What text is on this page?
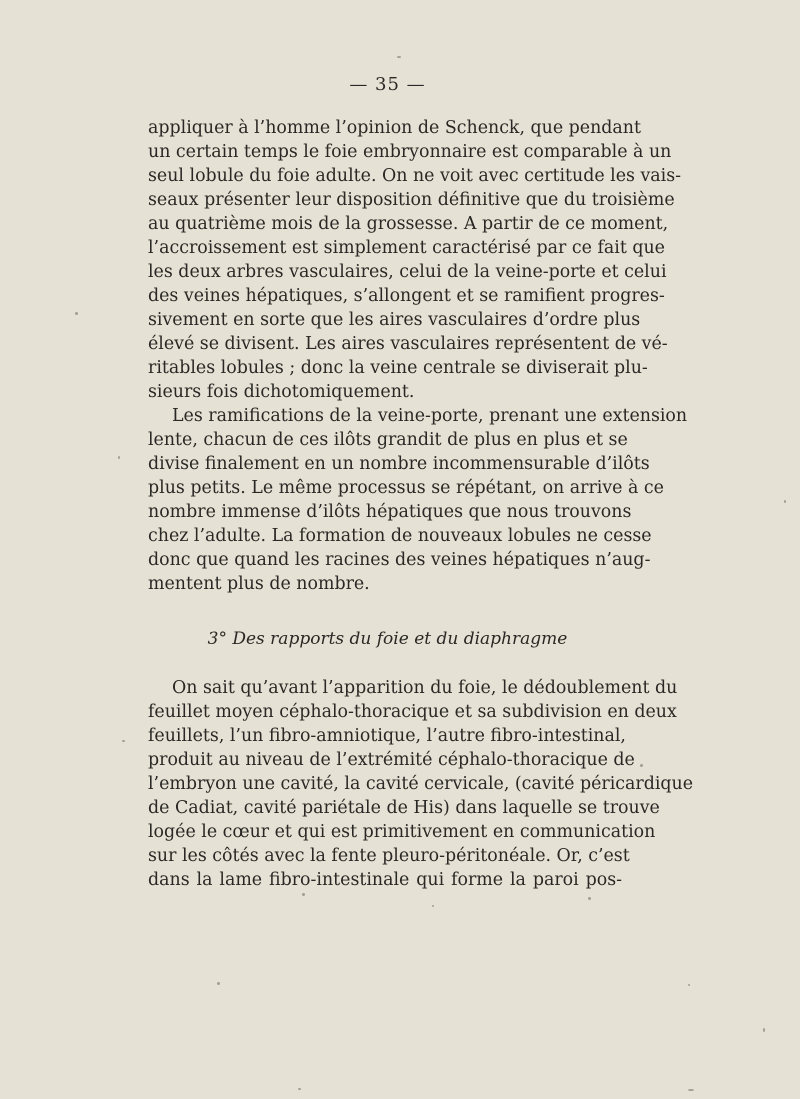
— 35 —
appliquer à l’homme l’opinion de Schenck, que pendant
un certain temps le foie embryonnaire est comparable à un
seul lobule du foie adulte. On ne voit avec certitude les vais-
seaux présenter leur disposition définitive que du troisième
au quatrième mois de la grossesse. A partir de ce moment,
l’accroissement est simplement caractérisé par ce fait que
les deux arbres vasculaires, celui de la veine-porte et celui
des veines hépatiques, s’allongent et se ramifient progres-
sivement en sorte que les aires vasculaires d’ordre plus
élevé se divisent. Les aires vasculaires représentent de vé-
ritables lobules ; donc la veine centrale se diviserait plu-
sieurs fois dichotomiquement.
Les ramifications de la veine-porte, prenant une extension
lente, chacun de ces ilôts grandit de plus en plus et se
divise finalement en un nombre incommensurable d’ilôts
plus petits. Le même processus se répétant, on arrive à ce
nombre immense d’ilôts hépatiques que nous trouvons
chez l’adulte. La formation de nouveaux lobules ne cesse
donc que quand les racines des veines hépatiques n’aug-
mentent plus de nombre.
3° Des rapports du foie et du diaphragme
On sait qu’avant l’apparition du foie, le dédoublement du
feuillet moyen céphalo-thoracique et sa subdivision en deux
feuillets, l’un fibro-amniotique, l’autre fibro-intestinal,
produit au niveau de l’extrémité céphalo-thoracique de
l’embryon une cavité, la cavité cervicale, (cavité péricardique
de Cadiat, cavité pariétale de His) dans laquelle se trouve
logée le cœur et qui est primitivement en communication
sur les côtés avec la fente pleuro-péritonéale. Or, c’est
dans la lame fibro-intestinale qui forme la paroi pos-
